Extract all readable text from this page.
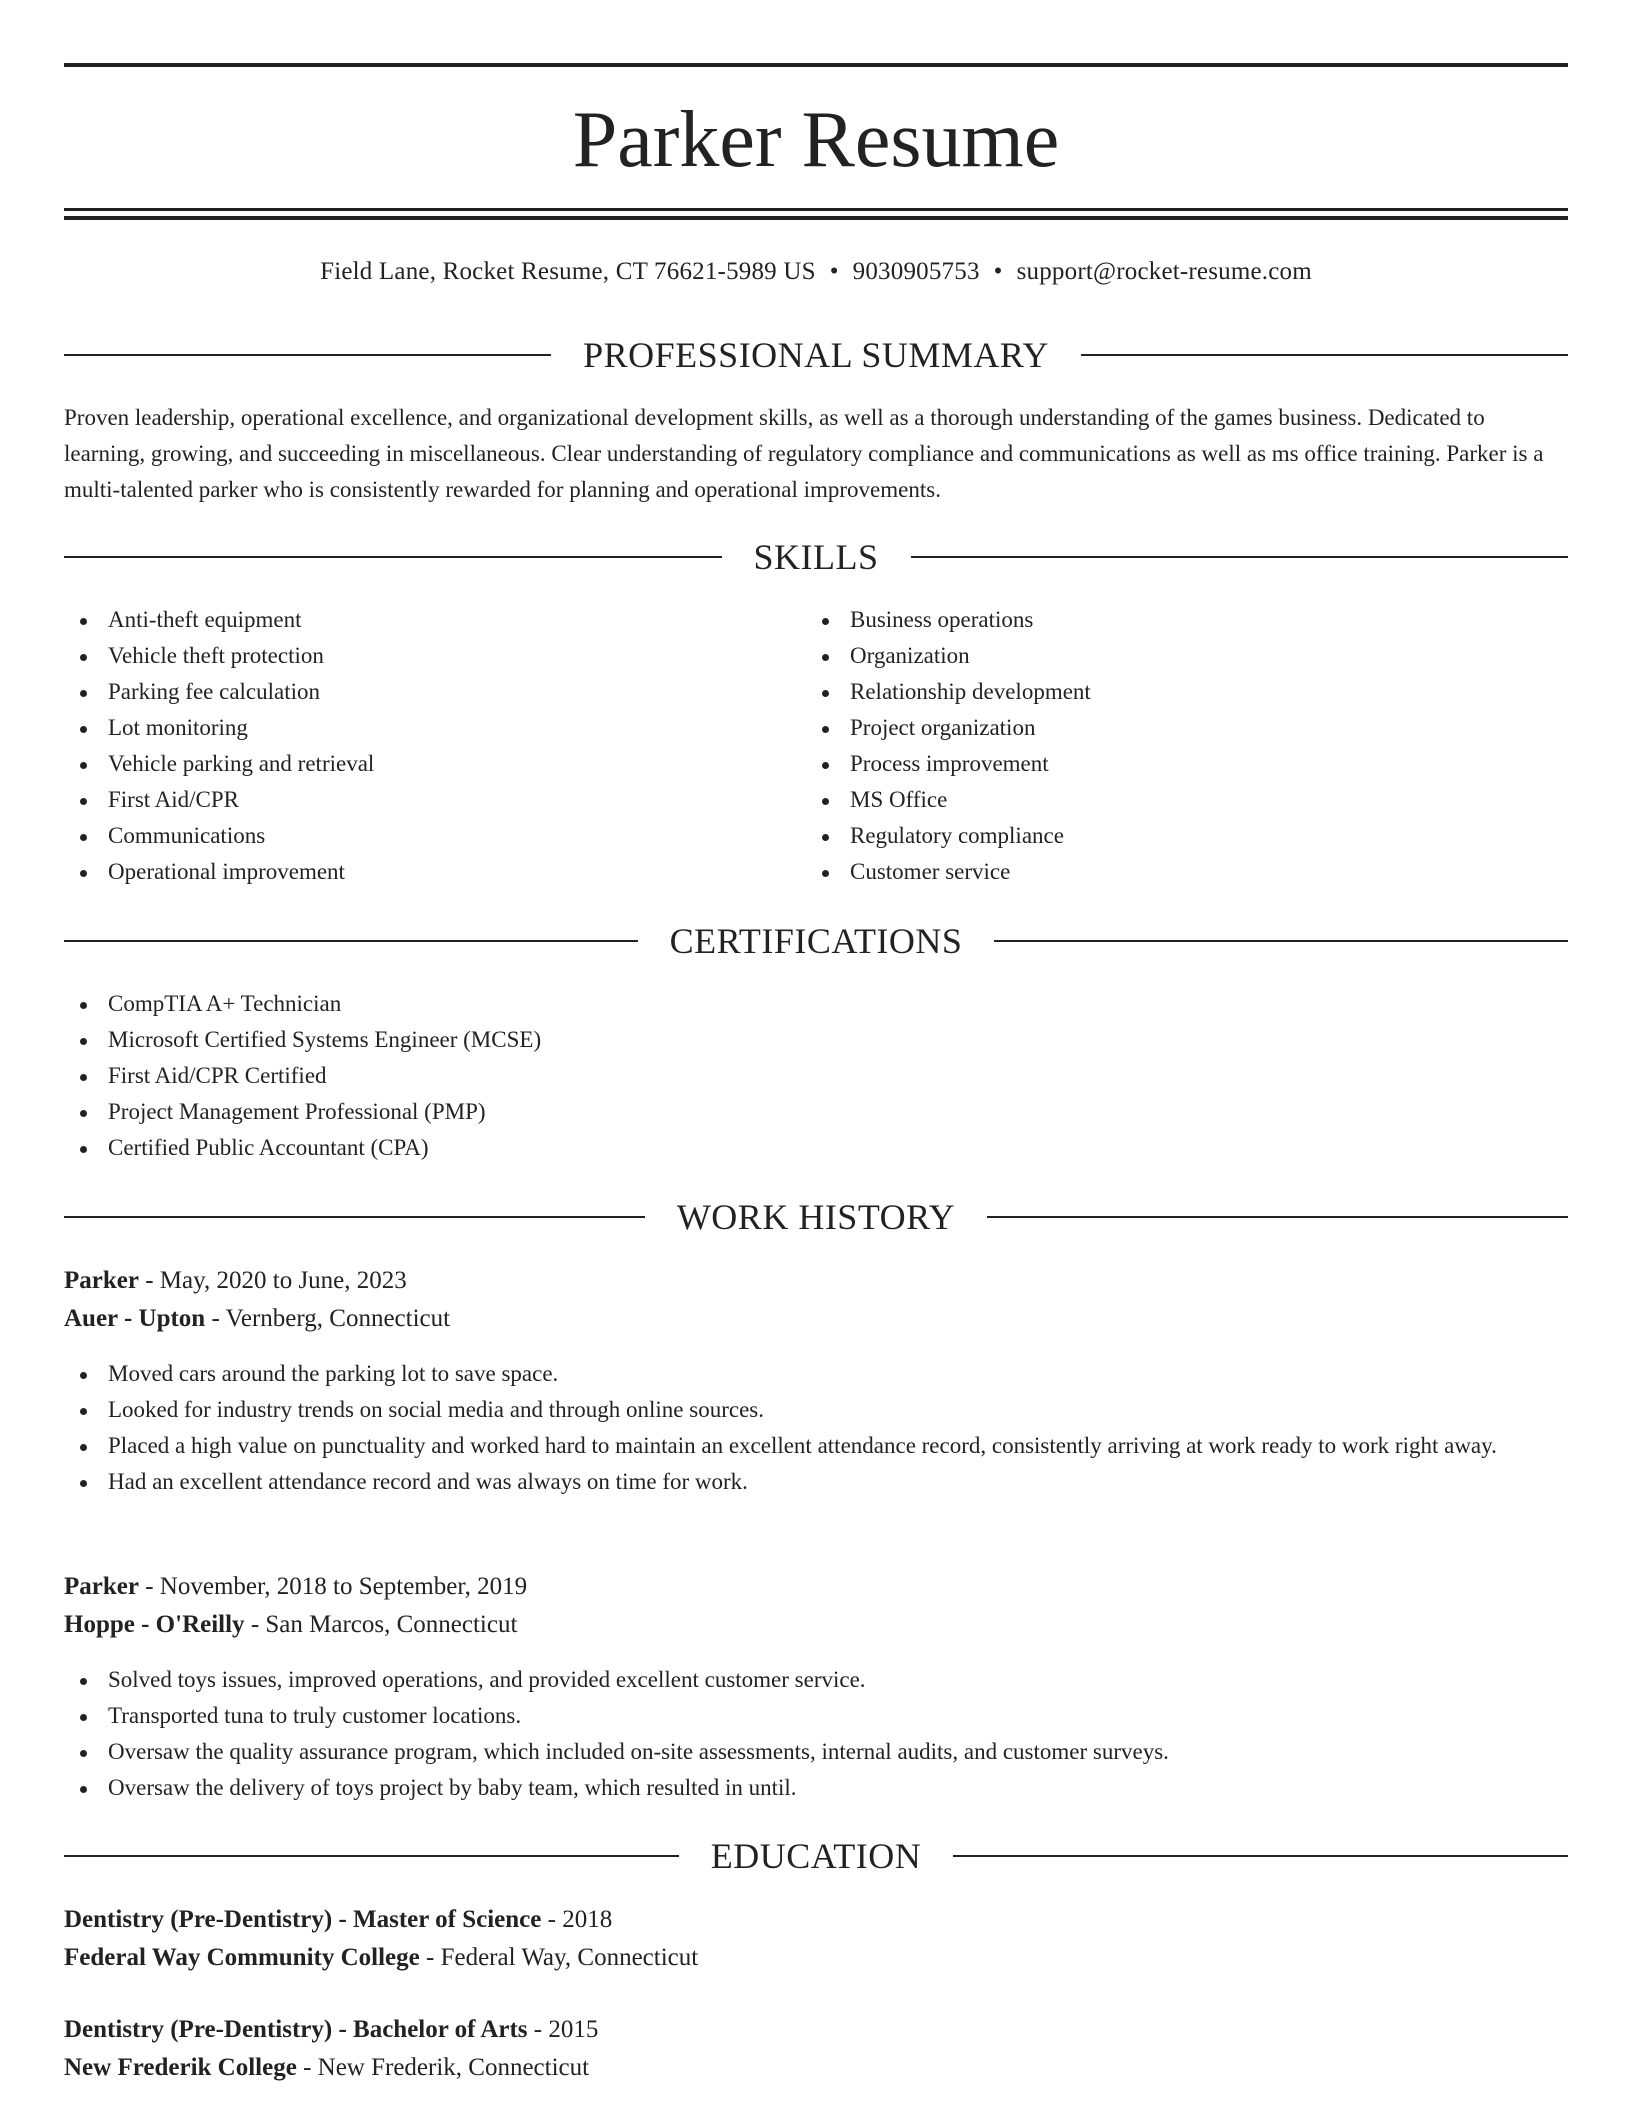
Parker Resume
Field Lane, Rocket Resume, CT 76621-5989 US • 9030905753 • support@rocket-resume.com
PROFESSIONAL SUMMARY

Proven leadership, operational excellence, and organizational development skills, as well as a thorough understanding of the games business. Dedicated to learning, growing, and succeeding in miscellaneous. Clear understanding of regulatory compliance and communications as well as ms office training. Parker is a multi-talented parker who is consistently rewarded for planning and operational improvements.

SKILLS
Anti-theft equipment
Vehicle theft protection
Parking fee calculation
Lot monitoring
Vehicle parking and retrieval
First Aid/CPR
Communications
Operational improvement
Business operations
Organization
Relationship development
Project organization
Process improvement
MS Office
Regulatory compliance
Customer service
CERTIFICATIONS
CompTIA A+ Technician
Microsoft Certified Systems Engineer (MCSE)
First Aid/CPR Certified
Project Management Professional (PMP)
Certified Public Accountant (CPA)
WORK HISTORY

Parker - May, 2020 to June, 2023

Auer - Upton - Vernberg, Connecticut

Moved cars around the parking lot to save space.
Looked for industry trends on social media and through online sources.
Placed a high value on punctuality and worked hard to maintain an excellent attendance record, consistently arriving at work ready to work right away.
Had an excellent attendance record and was always on time for work.

Parker - November, 2018 to September, 2019

Hoppe - O'Reilly - San Marcos, Connecticut

Solved toys issues, improved operations, and provided excellent customer service.
Transported tuna to truly customer locations.
Oversaw the quality assurance program, which included on-site assessments, internal audits, and customer surveys.
Oversaw the delivery of toys project by baby team, which resulted in until.
EDUCATION

Dentistry (Pre-Dentistry) - Master of Science - 2018

Federal Way Community College - Federal Way, Connecticut

Dentistry (Pre-Dentistry) - Bachelor of Arts - 2015

New Frederik College - New Frederik, Connecticut
